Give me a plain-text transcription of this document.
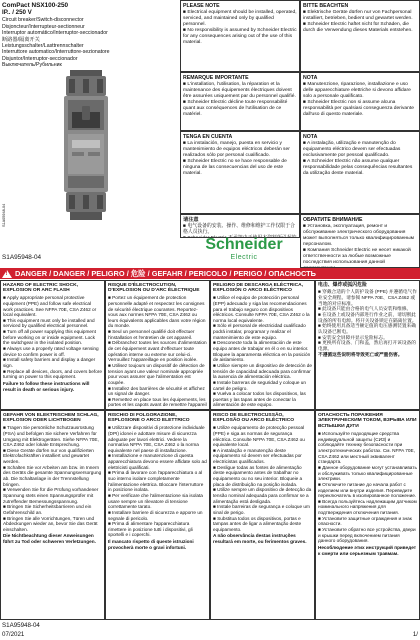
ComPact NSX100-250
IP.. / 250 V
Circuit breaker/Switch-disconnector
Disjoncteur/Interrupteur-sectionneur
Interruptor automático/Interruptor-seccionador
断路器/隔离开关
Leistungsschalter/Lasttrennschalter
Interruttore automatico/Interruttore-sezionatore
Disjuntor/Interruptor-seccionador
Выключатель/Рубильник
S1A05948-04
S1A95948-04
PLEASE NOTE
■ Electrical equipment should be installed, operated, serviced, and maintained only by qualified personnel.
■ No responsibility is assumed by Schneider Electric for any consequences arising out of the use of this material.
BITTE BEACHTEN
■ Elektrische Geräte dürfen nur von Fachpersonal installiert, betrieben, bedient und gewartet werden.
■ Schneider Electric haftet nicht für Schäden, die durch die Verwendung dieses Materials entstehen.
REMARQUE IMPORTANTE
■ L'installation, l'utilisation, la réparation et la maintenance des équipements électriques doivent être assurées uniquement par du personnel qualifié.
■ Schneider Electric décline toute responsabilité quant aux conséquences de l'utilisation de ce matériel.
NOTA
■ Manutenzione, riparazione, installazione e uso delle apparecchiature elettriche si devono affidare solo a personale qualificato.
■ Schneider Electric non si assume alcuna responsabilità per qualsiasi conseguenza derivante dall'uso di questo materiale.
TENGA EN CUENTA
■ La instalación, manejo, puesta en servicio y mantenimiento de equipos eléctricos deberán ser realizados sólo por personal cualificado.
■ Schneider Electric no se hace responsable de ninguna de las consecuencias del uso de este material.
NOTA
■ A instalação, utilização e manutenção do equipamento eléctrico devem ser efectuadas exclusivamente por pessoal qualificado.
■ A Schneider Electric não assume qualquer responsabilidade pelas consequências resultantes da utilização deste material.
请注意
■ 电气设备的安装、操作、维修和维护工作仅限于合格人员执行。

ОБРАТИТЕ ВНИМАНИЕ
■ Установка, эксплуатация, ремонт и обслуживание электрического оборудования может выполняться только квалифицированным персоналом.
■ Компания Schneider Electric не несет никакой ответственности за любые возможные последствия использования данной
Schneider
Electric
!
DANGER / DANGER / PELIGRO / 危险 / GEFAHR / PERICOLO / PERIGO / ОПАСНОСТЬ
HAZARD OF ELECTRIC SHOCK, EXPLOSION OR ARC FLASH
■ Apply appropriate personal protective equipment (PPE) and follow safe electrical work practices. See NFPA 70E, CSA Z462 or local equivalent.
■ This equipment must only be installed and serviced by qualified electrical personnel.
■ Turn off all power supplying this equipment before working on or inside equipment. Lock the switchgear in the isolated position.
■ Always use a properly rated voltage sensing device to confirm power is off.
■ Install safety barriers and display a danger sign.
■ Replace all devices, doors, and covers before turning on power to this equipment.
Failure to follow these instructions will result in death or serious injury.
RISQUE D'ÉLECTROCUTION, D'EXPLOSION OU D'ARC ÉLECTRIQUE
■ Portez un équipement de protection personnelle adapté et respectez les consignes de sécurité électrique courantes. Reportez-vous aux normes NFPA 70E, CSA Z462 ou leurs équivalents applicables dans votre région du monde.
■ Seul un personnel qualifié doit effectuer l'installation et l'entretien de cet appareil.
■ Débranchez toutes les sources d'alimentation de cet équipement avant d'effectuer toute opération interne ou externe sur celui-ci. Verrouillez l'appareillage en position isolée.
■ Utilisez toujours un dispositif de détection de tension ayant une valeur nominale appropriée pour vous assurer que l'alimentation est coupée.
■ Installez des barrières de sécurité et affichez un signal de danger.
■ Remettez en place tous les équipements, les portes et les capots avant de remettre l'appareil
PELIGRO DE DESCARGA ELÉCTRICA, EXPLOSIÓN O ARCO ELÉCTRICO
■ Utilice el equipo de protección personal (EPP) adecuado y siga las recomendaciones para el trabajo seguro con dispositivos eléctricos. Consulte NFPA 70E, CSA Z462 o la norma local equivalente.
■ Sólo el personal de electricidad cualificado podrá instalar, programar y realizar el mantenimiento de este equipo.
■ Desconecte toda la alimentación de este equipo antes de trabajar en él o en su interior. Bloquee la aparamenta eléctrica en la posición de aislamiento.
■ Utilice siempre un dispositivo de detección de tensión de capacidad adecuada para confirmar la ausencia de alimentación eléctrica.
■ Instale barreras de seguridad y coloque un cartel de peligro.
■ Vuelva a colocar todos los dispositivos, las puertas y las tapas antes de conectar la alimentación de este equipo.
电击、爆炸或弧闪危险
■ 穿戴合适的个人防护设备 (PPE) 并遵循电气作业安全规程。请参阅 NFPA 70E、CSA Z462 或当地的对应标准。
■ 此设备只能由合格的电气人员安装和维修。
■ 在设备上或设备内部进行作业之前，请切断此设备的所有电源。将开关设备锁定在隔离位置。
■ 始终使用具备适当额定值的电压感测装置来确认设备已断电。
■ 安装安全屏障并显示危险标志。
■ 更换所有设备、门和盖，然后再打开该设备的电源。
不遵循这些说明将导致死亡或严重伤害。
GEFAHR VON ELEKTRISCHEM SCHLAG, EXPLOSION ODER LICHTBOGEN
■ Tragen Sie persönliche Schutzausrüstung (PSA) und befolgen Sie sichere Verfahren für Umgang mit Elektrogeräten. Siehe NFPA 70E, CSA Z462 oder lokale Entsprechung.
■ Diese Geräte dürfen nur von qualifizierten Elektrofachkräften installiert und gewartet werden.
■ Schalten Sie vor Arbeiten am bzw. im Innern des Geräts die gesamte Spannungsversorgung ab. Die Schaltanlage in der Trennstellung bringen.
■ Verwenden Sie für die Prüfung vorhandener Spannung stets einen Spannungsprüfer mit zutreffender Bemessungsspannung.
■ Bringen Sie Sicherheitsbarrieren und ein Gefahrenschild an.
■ Bringen Sie alle Vorrichtungen, Türen und Abdeckungen wieder an, bevor Sie das Gerät einschalten.
Die Nichtbeachtung dieser Anweisungen führt zu Tod oder schweren Verletzungen.
RISCHIO DI FOLGORAZIONE, ESPLOSIONE O ARCO ELETTRICO
■ Utilizzare dispositivi di protezione individuale (DPI) idonei e adottare misure di sicurezza adeguate per lavori elettrici. Vedere la normativa NFPA 70E, CSA Z462 o la norma equivalente nel paese di installazione.
■ Installazione e manutenzione di questa apparecchiatura devono essere affidate solo ad elettricisti qualificati.
■ Prima di lavorare con l'apparecchiatura o al suo interno isolare completamente l'alimentazione elettrica. Bloccare l'interruttore in posizione isolata.
■ Per verificare che l'alimentazione sia isolata usare sempre un rilevatore di tensione correttamente tarato.
■ Installare barriere di sicurezza e apporre un segnale di pericolo.
■ Prima di alimentare l'apparecchiatura rimettere in posizione tutti i dispositivi, gli sportelli e i coperchi.
Il mancato rispetto di queste istruzioni provocherà morte o gravi infortuni.
RISCO DE ELECTROCUSSÃO, EXPLOSÃO OU ARCO ELÉCTRICO
■ Utilize equipamento de protecção pessoal (PPE) e siga as normas de segurança eléctrica. Consulte NFPA 70E, CSA Z462 ou equivalente local.
■ A instalação e manutenção deste equipamento só devem ser efectuadas por electricistas qualificados.
■ Desligue todas as fontes de alimentação deste equipamento antes de trabalhar no equipamento ou no seu interior. Bloqueie a placa de distribuição na posição isolada.
■ Utilize sempre um dispositivo de detecção da tensão nominal adequada para confirmar se a alimentação está desligada.
■ Instale barreiras de segurança e coloque um sinal de perigo.
■ Substitua todos os dispositivos, portas e tampas antes de ligar a alimentação deste equipamento.
A não observância destas instruções resultará em morte, ou ferimentos graves.
ОПАСНОСТЬ ПОРАЖЕНИЯ ЭЛЕКТРИЧЕСКИМ ТОКОМ, ВЗРЫВА ИЛИ ВСПЫШКИ ДУГИ
■ Используйте подходящие средства индивидуальной защиты (СИЗ) и соблюдайте технику безопасности при электротехнических работах. См. NFPA 70E, CSA Z462 или местный эквивалент стандарта.
■ Данное оборудование могут устанавливать и обслуживать только квалифицированные электрики.
■ Отключите питание до начала работ с изделием или внутри изделия. Переведите переключатель в изолированное положение.
■ Всегда пользуйтесь надлежащим датчиком номинального напряжения для подтверждения отключения питания.
■ Установите защитные ограждения и знак опасности.
■ Установите обратно все устройства, двери и крышки перед включением питания данного оборудования.
Несоблюдение этих инструкций приведет к смерти или серьезным травмам.
S1A95948-04
07/2021	1/
